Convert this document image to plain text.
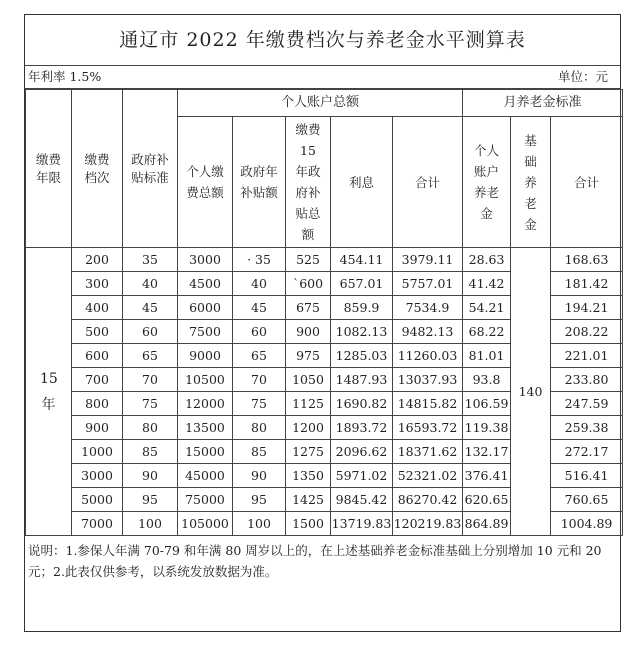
通辽市 2022 年缴费档次与养老金水平测算表
年利率 1.5%	单位：元
缴费年限	缴费档次	政府补贴标准	个人账户总额					月养老金标准		
			个人缴费总额	政府年补贴额	缴费15年政府补贴总额	利息	合计	个人账户养老金	基础养老金	合计
15年	200	35	3000	· 35	525	454.11	3979.11	28.63	140	168.63
	300	40	4500	40	`600	657.01	5757.01	41.42		181.42
	400	45	6000	45	675	859.9	7534.9	54.21		194.21
	500	60	7500	60	900	1082.13	9482.13	68.22		208.22
	600	65	9000	65	975	1285.03	11260.03	81.01		221.01
	700	70	10500	70	1050	1487.93	13037.93	93.8		233.80
	800	75	12000	75	1125	1690.82	14815.82	106.59		247.59
	900	80	13500	80	1200	1893.72	16593.72	119.38		259.38
	1000	85	15000	85	1275	2096.62	18371.62	132.17		272.17
	3000	90	45000	90	1350	5971.02	52321.02	376.41		516.41
	5000	95	75000	95	1425	9845.42	86270.42	620.65		760.65
	7000	100	105000	100	1500	13719.83	120219.83	864.89		1004.89
说明：1.参保人年满 70-79 和年满 80 周岁以上的，在上述基础养老金标准基础上分别增加 10 元和 20 元；2.此表仅供参考，以系统发放数据为准。
